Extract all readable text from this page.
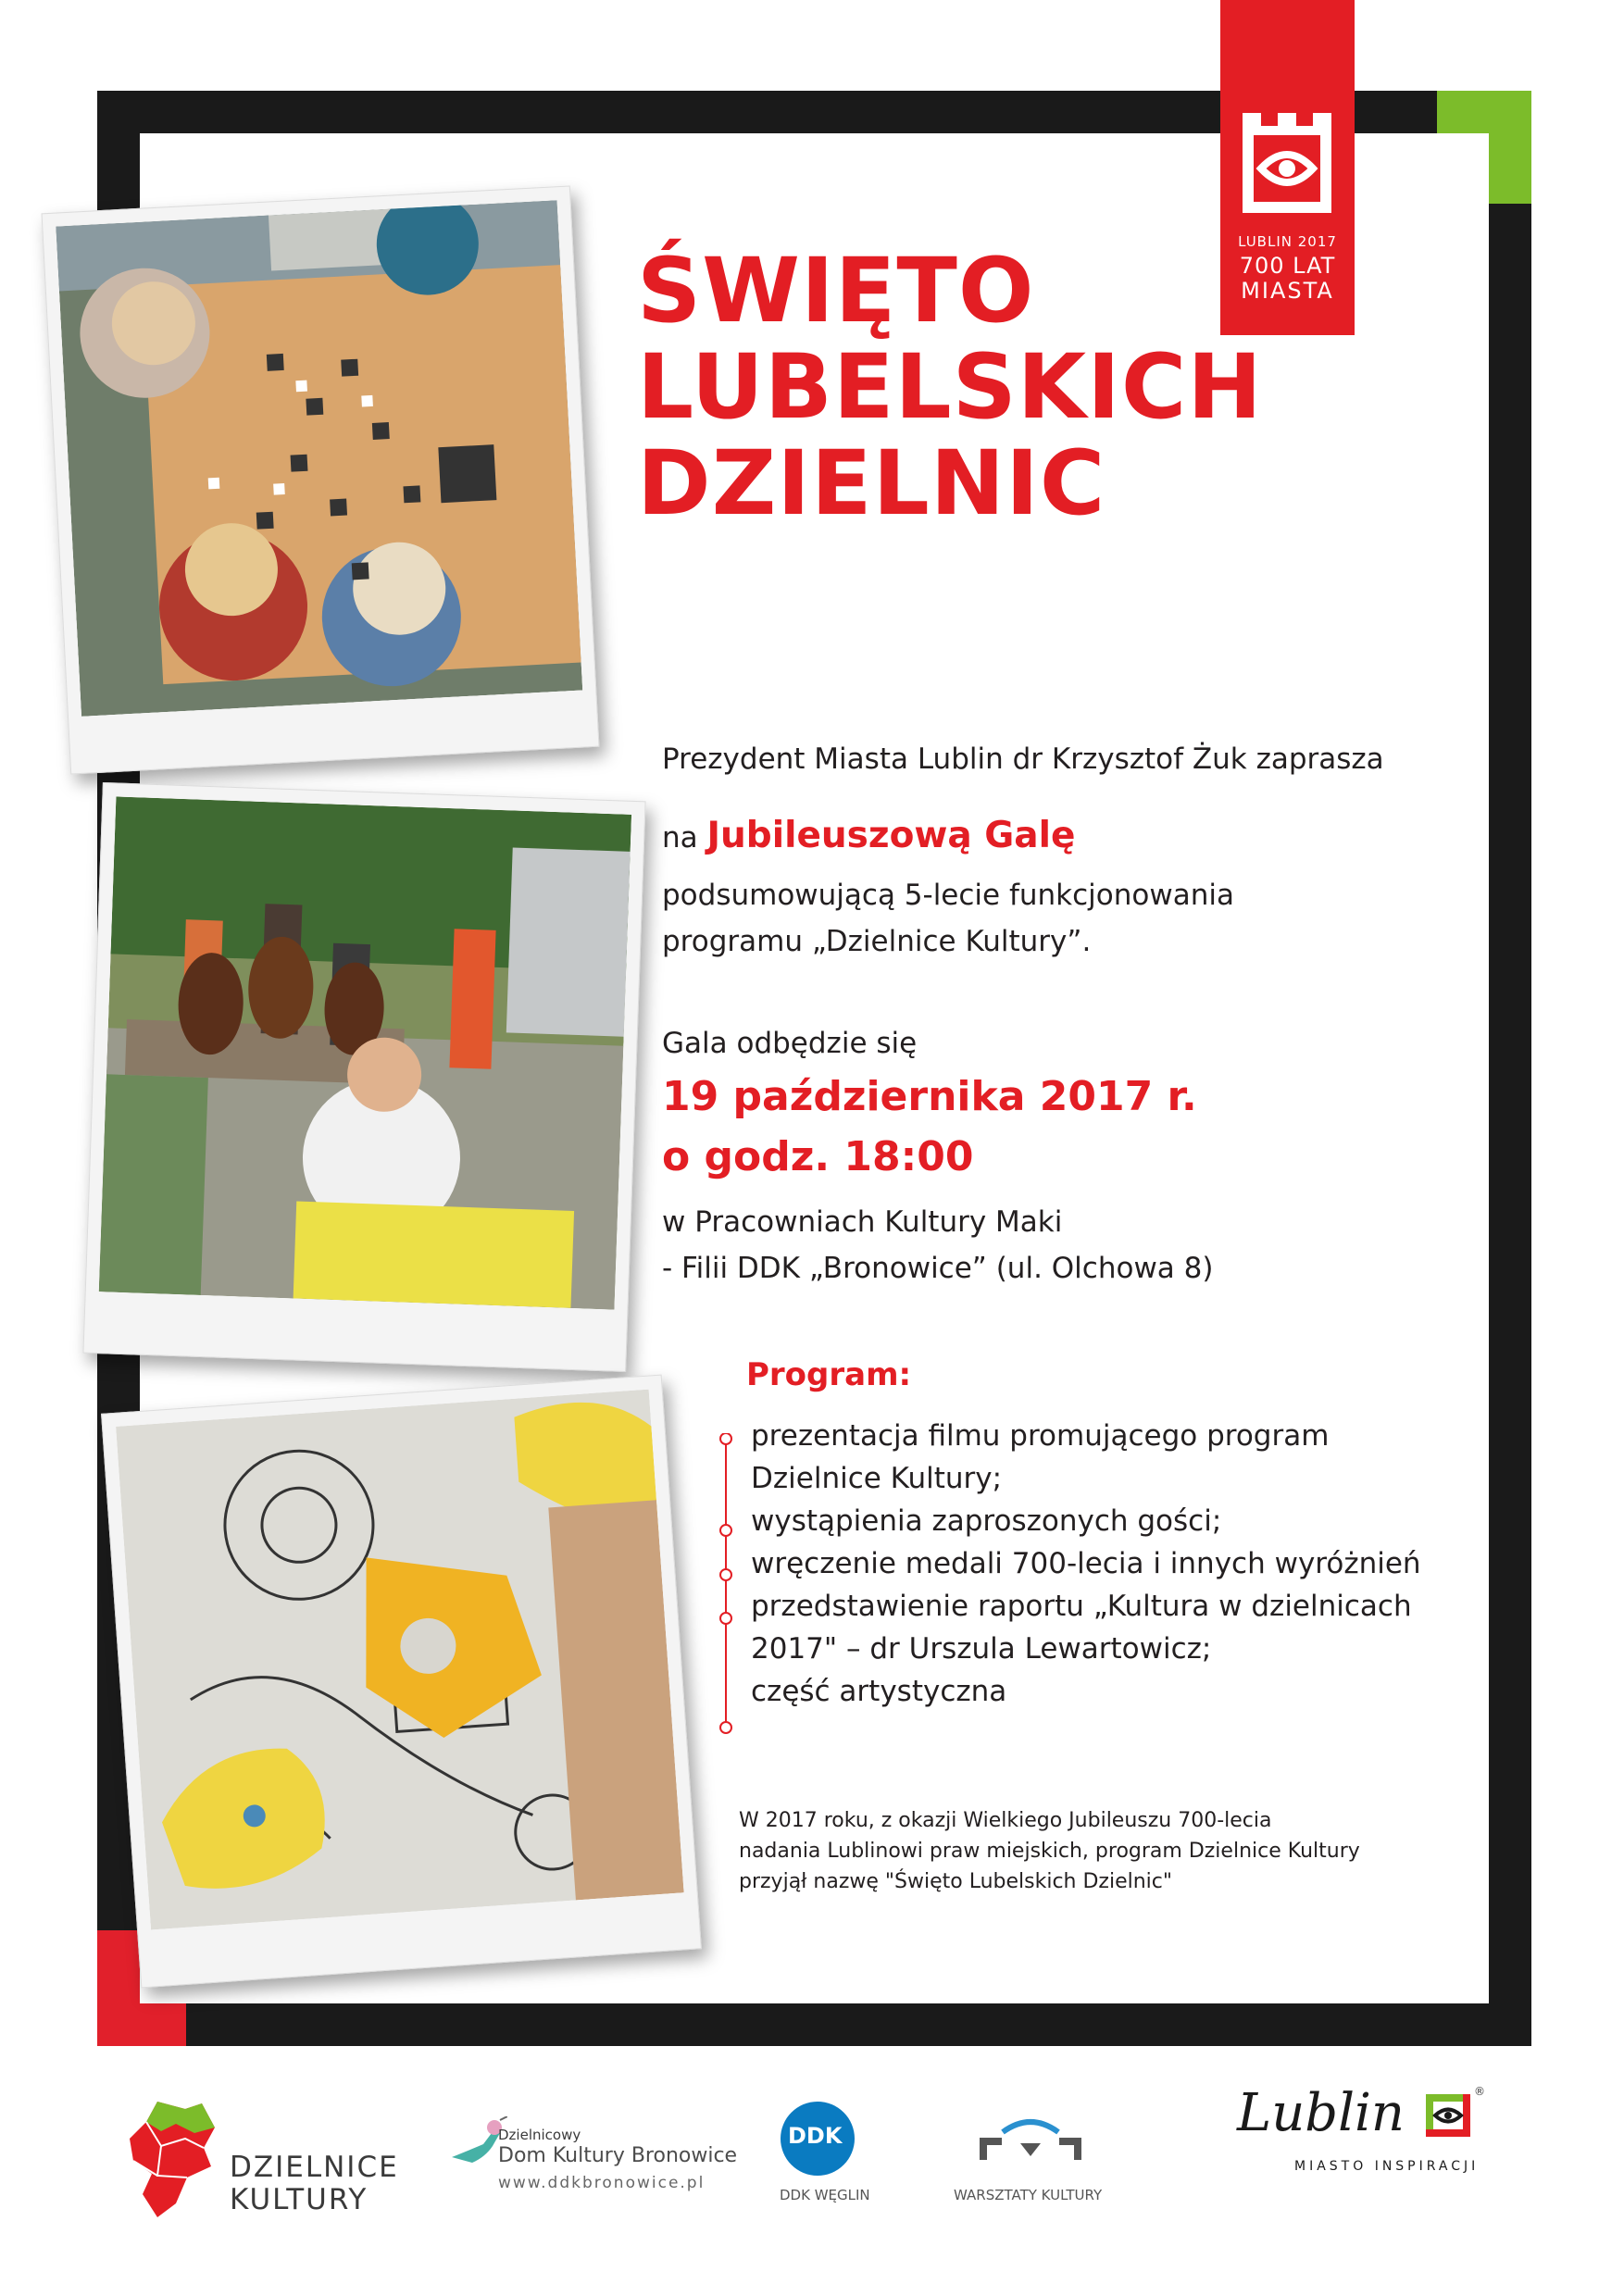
LUBLIN 2017
700 LAT
MIASTA
ŚWIĘTO
LUBELSKICH
DZIELNIC
Prezydent Miasta Lublin dr Krzysztof Żuk zaprasza
na Jubileuszową Galę
podsumowującą 5-lecie funkcjonowania
programu „Dzielnice Kultury”.
Gala odbędzie się
19 października 2017 r.
o godz. 18:00
w Pracowniach Kultury Maki
- Filii DDK „Bronowice” (ul. Olchowa 8)
Program:
prezentacja filmu promującego program
Dzielnice Kultury;
wystąpienia zaproszonych gości;
wręczenie medali 700-lecia i innych wyróżnień
przedstawienie raportu „Kultura w dzielnicach
2017" – dr Urszula Lewartowicz;
część artystyczna
W 2017 roku, z okazji Wielkiego Jubileuszu 700-lecia
nadania Lublinowi praw miejskich, program Dzielnice Kultury
przyjął nazwę "Święto Lubelskich Dzielnic"
DZIELNICE
KULTURY
Dzielnicowy
Dom Kultury Bronowice
www.ddkbronowice.pl
DDK
DDK WĘGLIN	WARSZTATY KULTURY
Lublin	®
MIASTO INSPIRACJI
